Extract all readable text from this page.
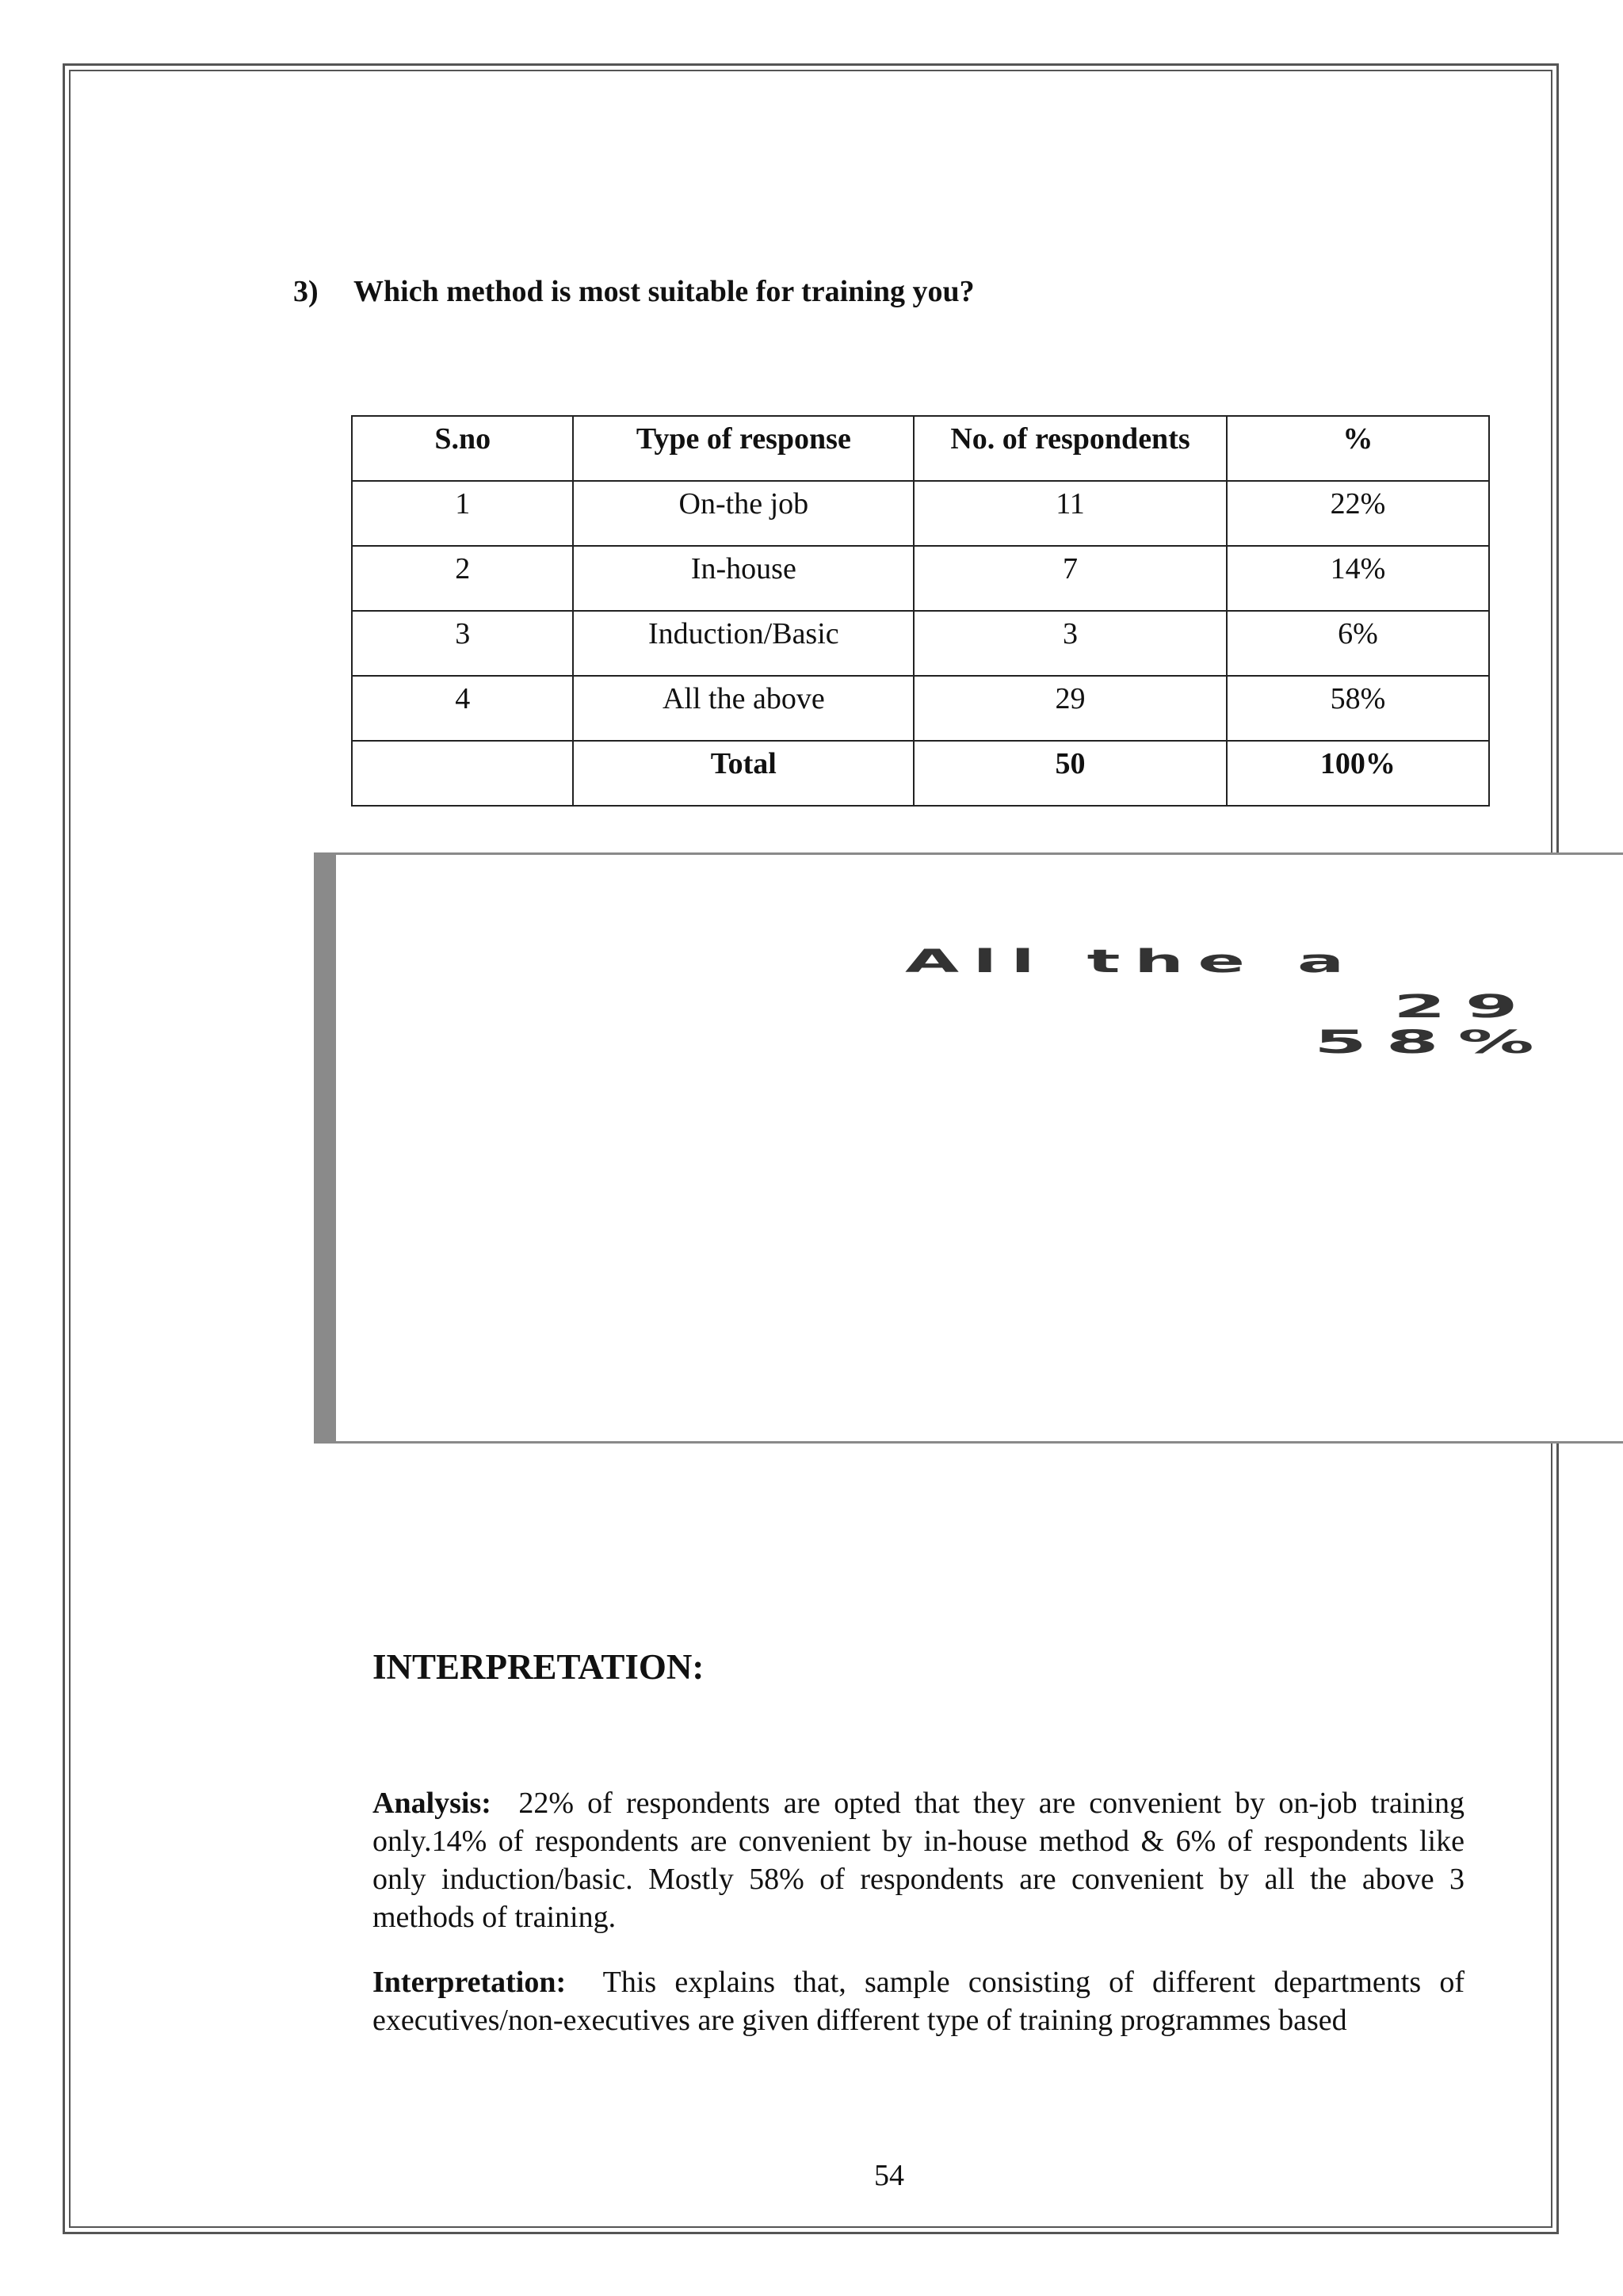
3) Which method is most suitable for training you?
S.no	Type of response	No. of respondents	%
1	On-the job	11	22%
2	In-house	7	14%
3	Induction/Basic	3	6%
4	All the above	29	58%
	Total	50	100%
All the a
29
58%
INTERPRETATION:
Analysis: 22% of respondents are opted that they are convenient by on-job training only.14% of respondents are convenient by in-house method & 6% of respondents like only induction/basic. Mostly 58% of respondents are convenient by all the above 3 methods of training.
Interpretation: This explains that, sample consisting of different departments of executives/non-executives are given different type of training programmes based
54
